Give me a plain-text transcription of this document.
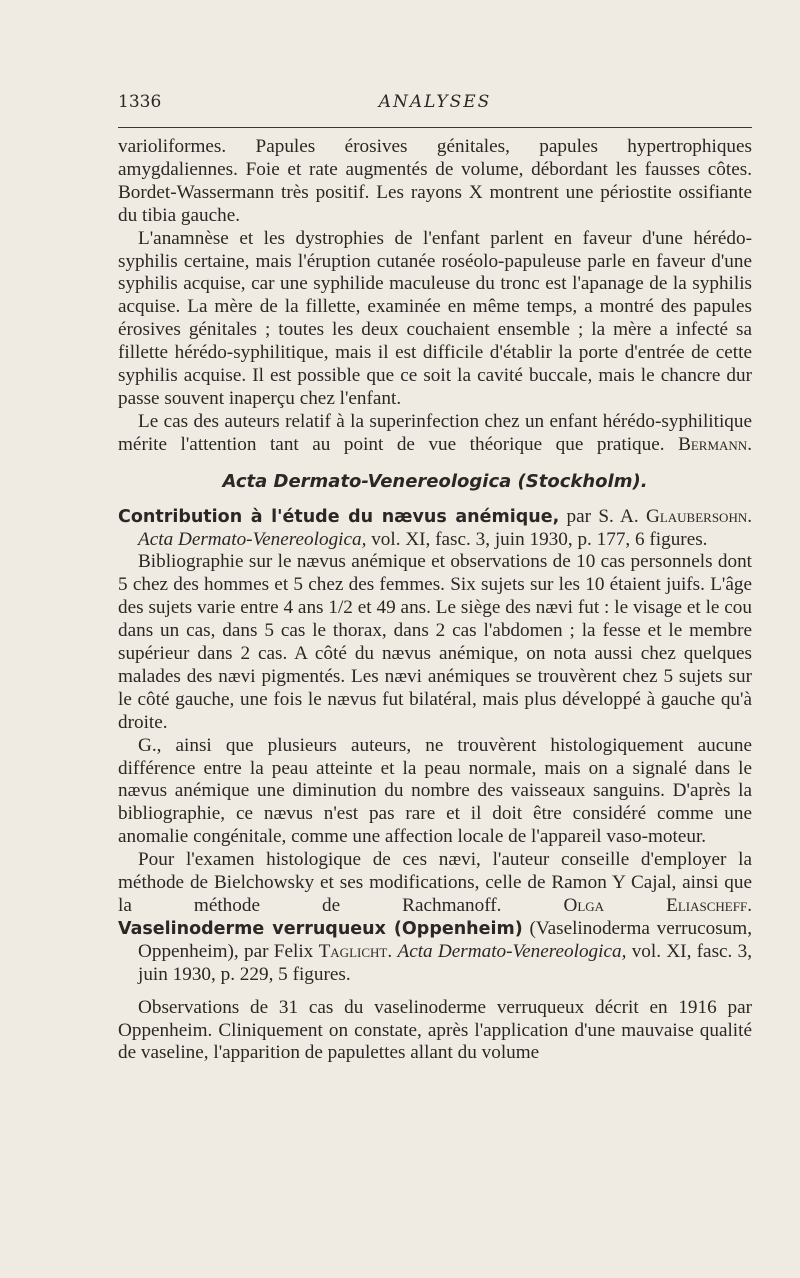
1336	ANALYSES

varioliformes. Papules érosives génitales, papules hypertrophiques amygdaliennes. Foie et rate augmentés de volume, débordant les fausses côtes. Bordet-Wassermann très positif. Les rayons X montrent une périostite ossifiante du tibia gauche.

L'anamnèse et les dystrophies de l'enfant parlent en faveur d'une hérédo-syphilis certaine, mais l'éruption cutanée roséolo-papuleuse parle en faveur d'une syphilis acquise, car une syphilide maculeuse du tronc est l'apanage de la syphilis acquise. La mère de la fillette, examinée en même temps, a montré des papules érosives génitales ; toutes les deux couchaient ensemble ; la mère a infecté sa fillette hérédo-syphilitique, mais il est difficile d'établir la porte d'entrée de cette syphilis acquise. Il est possible que ce soit la cavité buccale, mais le chancre dur passe souvent inaperçu chez l'enfant.

Le cas des auteurs relatif à la superinfection chez un enfant hérédo-syphilitique mérite l'attention tant au point de vue théorique que pratique. Bermann.

Acta Dermato-Venereologica (Stockholm).

Contribution à l'étude du nævus anémique, par S. A. Glaubersohn. Acta Dermato-Venereologica, vol. XI, fasc. 3, juin 1930, p. 177, 6 figures.

Bibliographie sur le nævus anémique et observations de 10 cas personnels dont 5 chez des hommes et 5 chez des femmes. Six sujets sur les 10 étaient juifs. L'âge des sujets varie entre 4 ans 1/2 et 49 ans. Le siège des nævi fut : le visage et le cou dans un cas, dans 5 cas le thorax, dans 2 cas l'abdomen ; la fesse et le membre supérieur dans 2 cas. A côté du nævus anémique, on nota aussi chez quelques malades des nævi pigmentés. Les nævi anémiques se trouvèrent chez 5 sujets sur le côté gauche, une fois le nævus fut bilatéral, mais plus développé à gauche qu'à droite.

G., ainsi que plusieurs auteurs, ne trouvèrent histologiquement aucune différence entre la peau atteinte et la peau normale, mais on a signalé dans le nævus anémique une diminution du nombre des vaisseaux sanguins. D'après la bibliographie, ce nævus n'est pas rare et il doit être considéré comme une anomalie congénitale, comme une affection locale de l'appareil vaso-moteur.

Pour l'examen histologique de ces nævi, l'auteur conseille d'employer la méthode de Bielchowsky et ses modifications, celle de Ramon Y Cajal, ainsi que la méthode de Rachmanoff.	Olga Eliascheff.

Vaselinoderme verruqueux (Oppenheim) (Vaselinoderma verrucosum, Oppenheim), par Felix Taglicht. Acta Dermato-Venereologica, vol. XI, fasc. 3, juin 1930, p. 229, 5 figures.

Observations de 31 cas du vaselinoderme verruqueux décrit en 1916 par Oppenheim. Cliniquement on constate, après l'application d'une mauvaise qualité de vaseline, l'apparition de papulettes allant du volume
